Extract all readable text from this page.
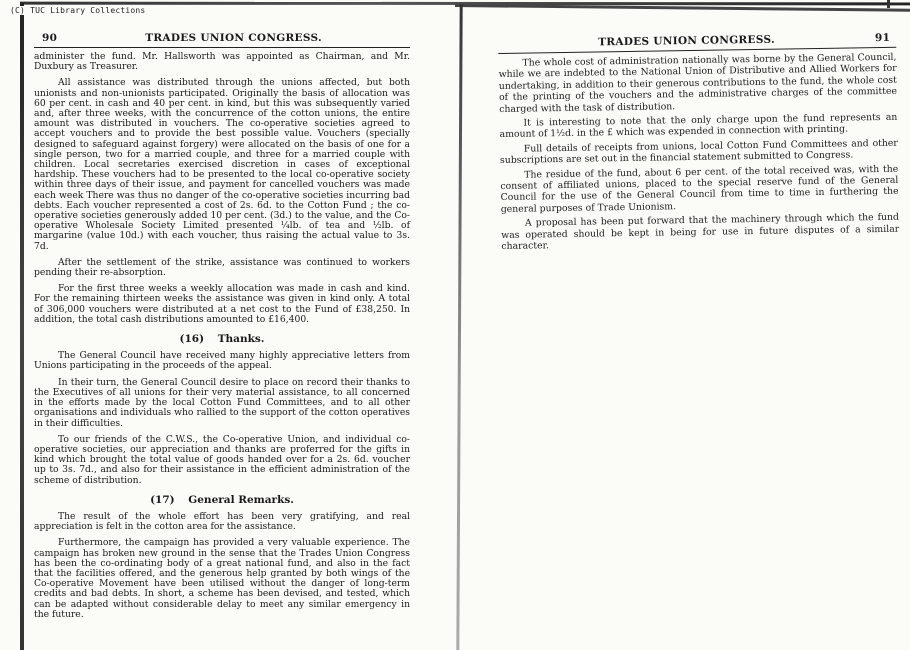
(C) TUC Library Collections
90	TRADES UNION CONGRESS.

administer the fund. Mr. Hallsworth was appointed as Chairman, and Mr. Duxbury as Treasurer.

All assistance was distributed through the unions affected, but both unionists and non-unionists participated. Originally the basis of allocation was 60 per cent. in cash and 40 per cent. in kind, but this was subsequently varied and, after three weeks, with the concurrence of the cotton unions, the entire amount was distributed in vouchers. The co-operative societies agreed to accept vouchers and to provide the best possible value. Vouchers (specially designed to safeguard against forgery) were allocated on the basis of one for a single person, two for a married couple, and three for a married couple with children. Local secretaries exercised discretion in cases of exceptional hardship. These vouchers had to be presented to the local co-operative society within three days of their issue, and payment for cancelled vouchers was made each week There was thus no danger of the co-operative societies incurring bad debts. Each voucher represented a cost of 2s. 6d. to the Cotton Fund ; the co-operative societies generously added 10 per cent. (3d.) to the value, and the Co-operative Wholesale Society Limited presented ¼lb. of tea and ½lb. of margarine (value 10d.) with each voucher, thus raising the actual value to 3s. 7d.

After the settlement of the strike, assistance was continued to workers pending their re-absorption.

For the first three weeks a weekly allocation was made in cash and kind. For the remaining thirteen weeks the assistance was given in kind only. A total of 306,000 vouchers were distributed at a net cost to the Fund of £38,250. In addition, the total cash distributions amounted to £16,400.

(16) Thanks.

The General Council have received many highly appreciative letters from Unions participating in the proceeds of the appeal.

In their turn, the General Council desire to place on record their thanks to the Executives of all unions for their very material assistance, to all concerned in the efforts made by the local Cotton Fund Committees, and to all other organisations and individuals who rallied to the support of the cotton operatives in their difficulties.

To our friends of the C.W.S., the Co-operative Union, and individual co-operative societies, our appreciation and thanks are proferred for the gifts in kind which brought the total value of goods handed over for a 2s. 6d. voucher up to 3s. 7d., and also for their assistance in the efficient administration of the scheme of distribution.

(17) General Remarks.

The result of the whole effort has been very gratifying, and real appreciation is felt in the cotton area for the assistance.

Furthermore, the campaign has provided a very valuable experience. The campaign has broken new ground in the sense that the Trades Union Congress has been the co-ordinating body of a great national fund, and also in the fact that the facilities offered, and the generous help granted by both wings of the Co-operative Movement have been utilised without the danger of long-term credits and bad debts. In short, a scheme has been devised, and tested, which can be adapted without considerable delay to meet any similar emergency in the future.

TRADES UNION CONGRESS.	91

The whole cost of administration nationally was borne by the General Council, while we are indebted to the National Union of Distributive and Allied Workers for undertaking, in addition to their generous contributions to the fund, the whole cost of the printing of the vouchers and the administrative charges of the committee charged with the task of distribution.

It is interesting to note that the only charge upon the fund represents an amount of 1½d. in the £ which was expended in connection with printing.

Full details of receipts from unions, local Cotton Fund Committees and other subscriptions are set out in the financial statement submitted to Congress.

The residue of the fund, about 6 per cent. of the total received was, with the consent of affiliated unions, placed to the special reserve fund of the General Council for the use of the General Council from time to time in furthering the general purposes of Trade Unionism.

A proposal has been put forward that the machinery through which the fund was operated should be kept in being for use in future disputes of a similar character.
